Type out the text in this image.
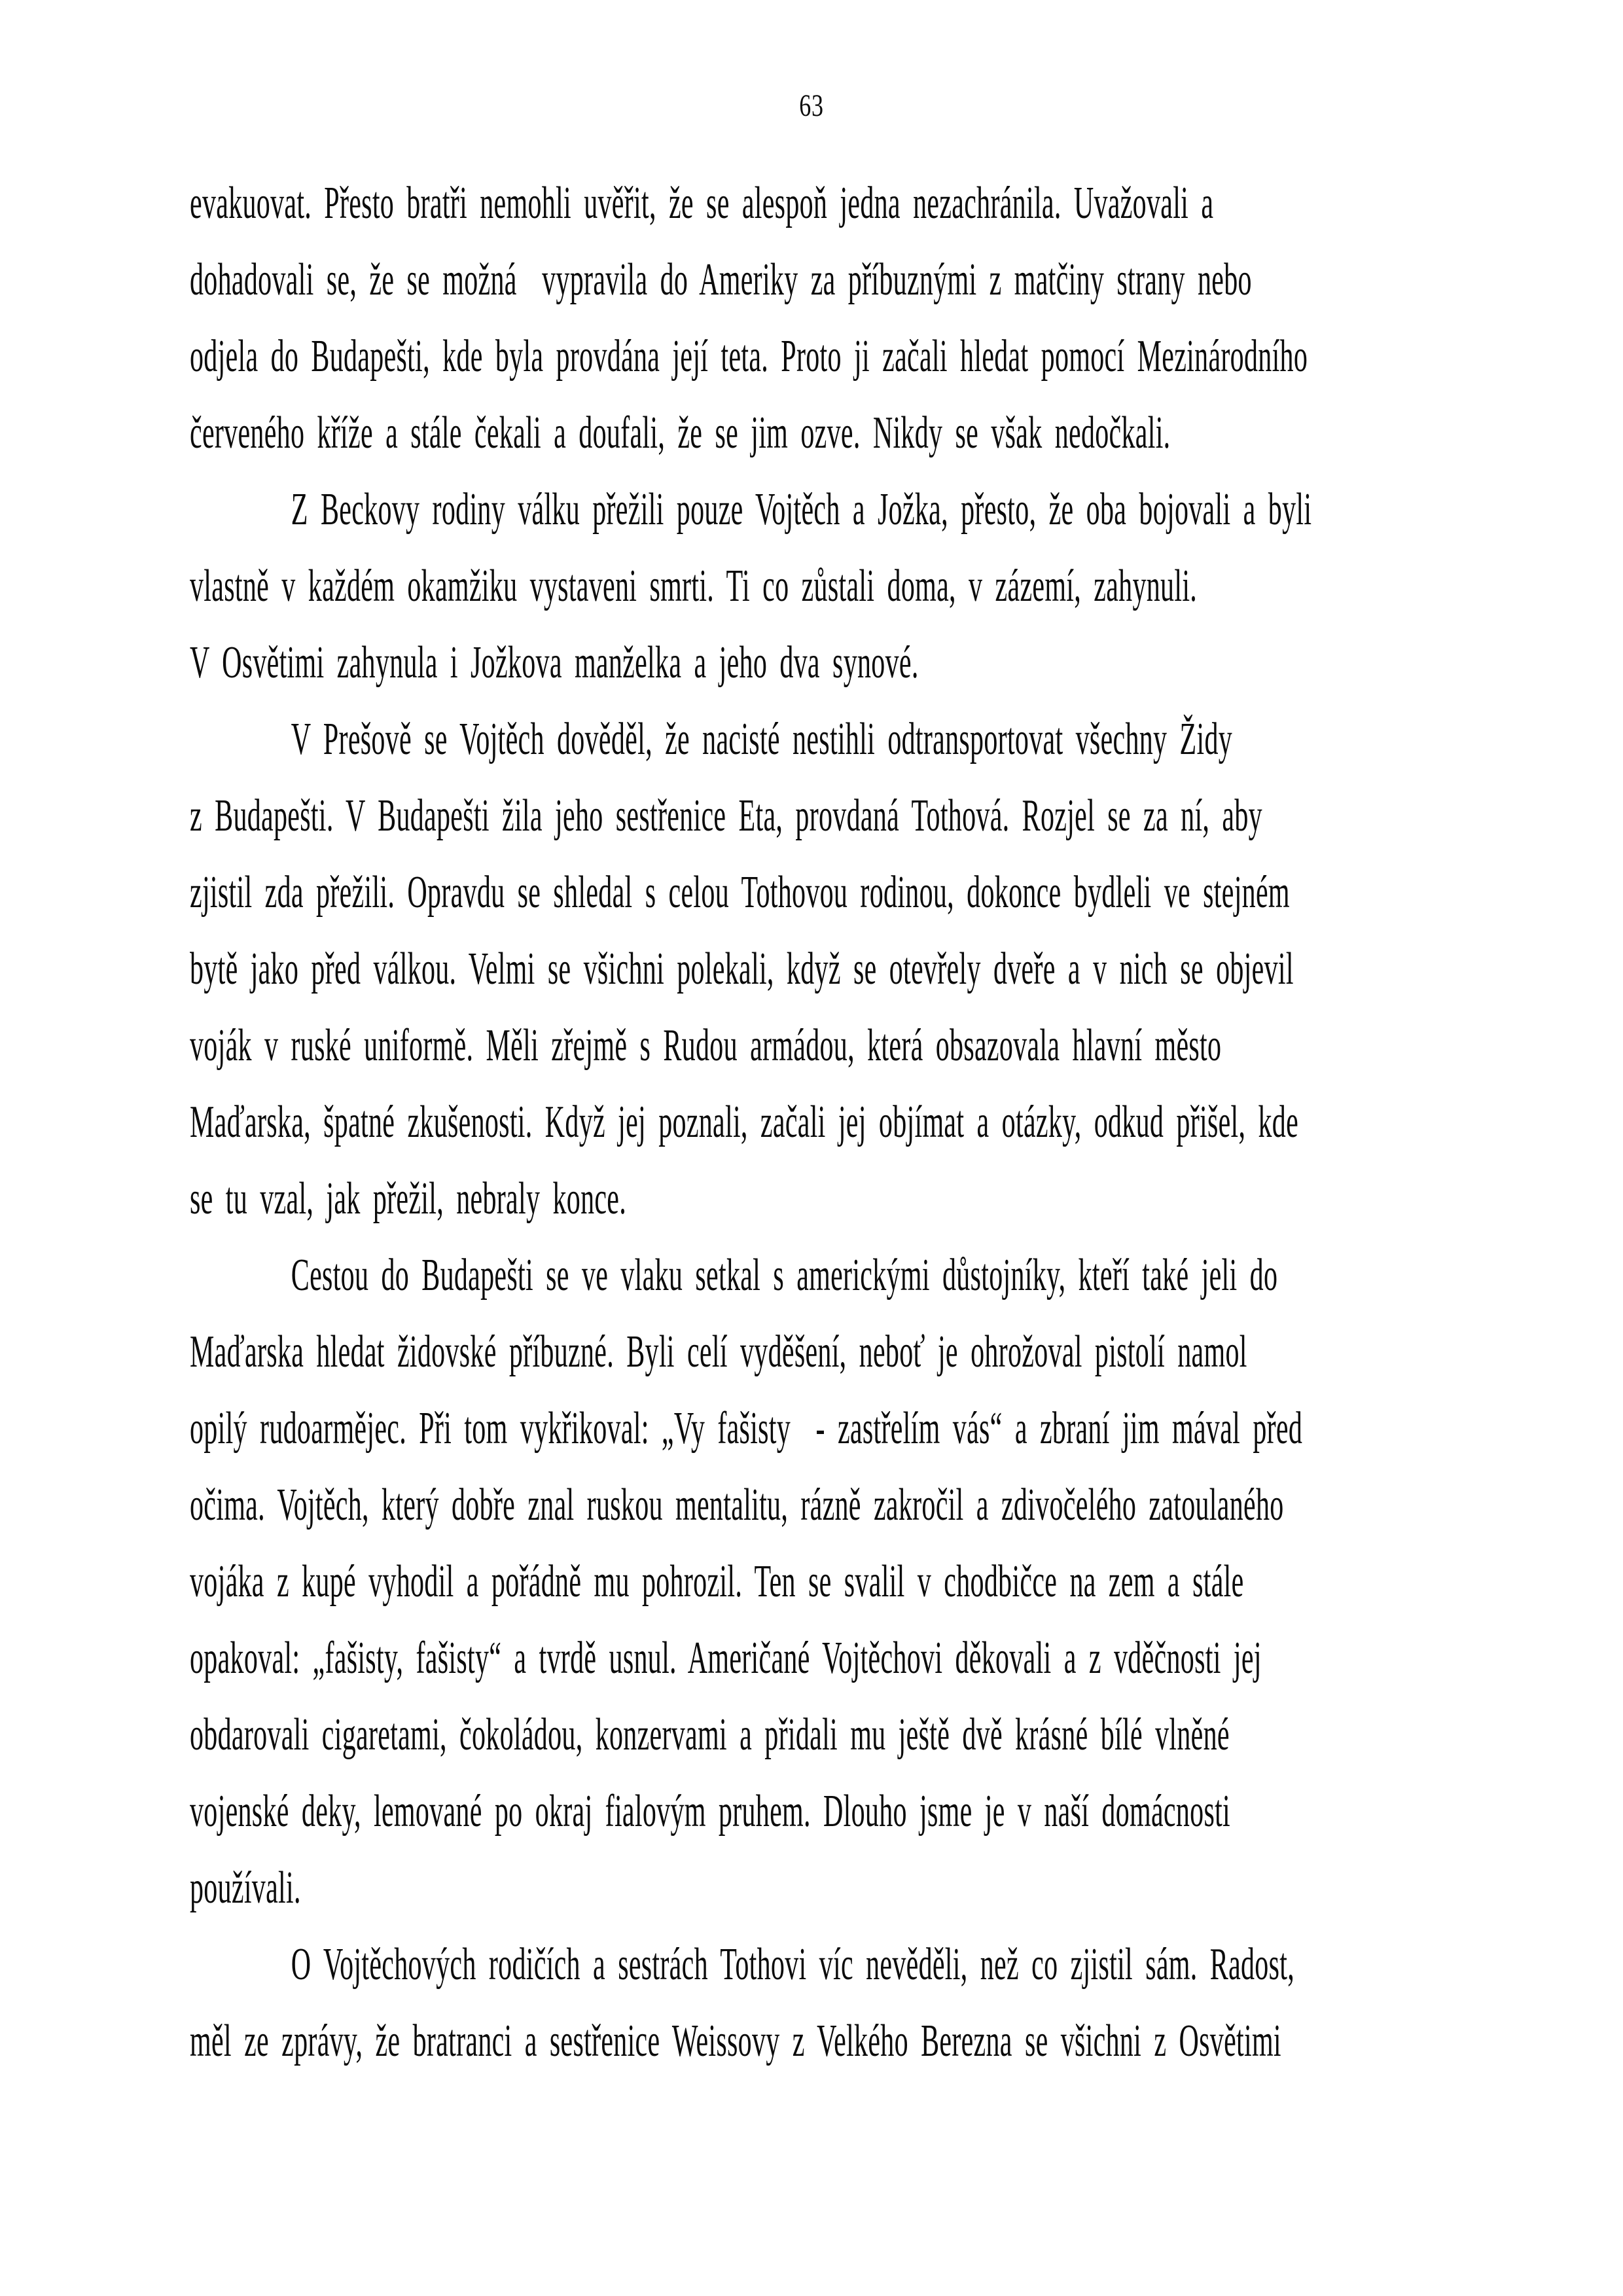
63
evakuovat. Přesto bratři nemohli uvěřit, že se alespoň jedna nezachránila. Uvažovali a
dohadovali se, že se možná  vypravila do Ameriky za příbuznými z matčiny strany nebo
odjela do Budapešti, kde byla provdána její teta. Proto ji začali hledat pomocí Mezinárodního
červeného kříže a stále čekali a doufali, že se jim ozve. Nikdy se však nedočkali.
Z Beckovy rodiny válku přežili pouze Vojtěch a Jožka, přesto, že oba bojovali a byli
vlastně v každém okamžiku vystaveni smrti. Ti co zůstali doma, v zázemí, zahynuli.
V Osvětimi zahynula i Jožkova manželka a jeho dva synové.
V Prešově se Vojtěch dověděl, že nacisté nestihli odtransportovat všechny Židy
z Budapešti. V Budapešti žila jeho sestřenice Eta, provdaná Tothová. Rozjel se za ní, aby
zjistil zda přežili. Opravdu se shledal s celou Tothovou rodinou, dokonce bydleli ve stejném
bytě jako před válkou. Velmi se všichni polekali, když se otevřely dveře a v nich se objevil
voják v ruské uniformě. Měli zřejmě s Rudou armádou, která obsazovala hlavní město
Maďarska, špatné zkušenosti. Když jej poznali, začali jej objímat a otázky, odkud přišel, kde
se tu vzal, jak přežil, nebraly konce.
Cestou do Budapešti se ve vlaku setkal s americkými důstojníky, kteří také jeli do
Maďarska hledat židovské příbuzné. Byli celí vyděšení, neboť je ohrožoval pistolí namol
opilý rudoarmějec. Při tom vykřikoval: „Vy fašisty  - zastřelím vás“ a zbraní jim mával před
očima. Vojtěch, který dobře znal ruskou mentalitu, rázně zakročil a zdivočelého zatoulaného
vojáka z kupé vyhodil a pořádně mu pohrozil. Ten se svalil v chodbičce na zem a stále
opakoval: „fašisty, fašisty“ a tvrdě usnul. Američané Vojtěchovi děkovali a z vděčnosti jej
obdarovali cigaretami, čokoládou, konzervami a přidali mu ještě dvě krásné bílé vlněné
vojenské deky, lemované po okraj fialovým pruhem. Dlouho jsme je v naší domácnosti
používali.
O Vojtěchových rodičích a sestrách Tothovi víc nevěděli, než co zjistil sám. Radost,
měl ze zprávy, že bratranci a sestřenice Weissovy z Velkého Berezna se všichni z Osvětimi
